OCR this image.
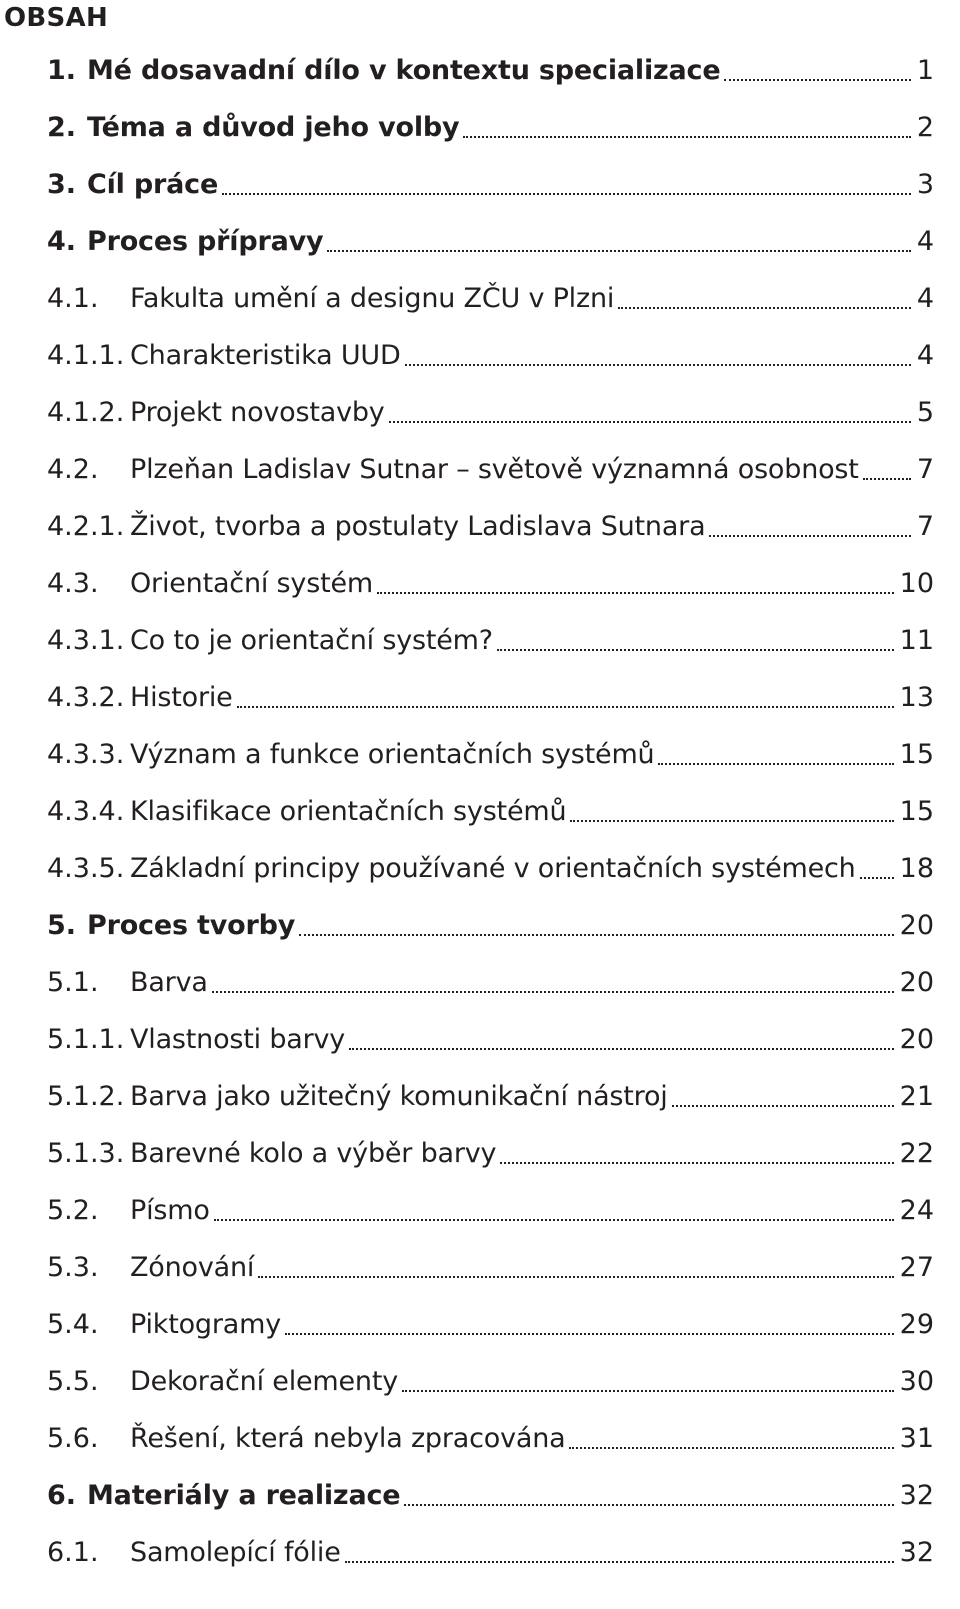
OBSAH
1. Mé dosavadní dílo v kontextu specializace	1
2. Téma a důvod jeho volby	2
3. Cíl práce	3
4. Proces přípravy	4
4.1. Fakulta umění a designu ZČU v Plzni	4
4.1.1. Charakteristika UUD	4
4.1.2. Projekt novostavby	5
4.2. Plzeňan Ladislav Sutnar – světově významná osobnost 7
4.2.1. Život, tvorba a postulaty Ladislava Sutnara	7
4.3. Orientační systém	10
4.3.1. Co to je orientační systém?	11
4.3.2. Historie	13
4.3.3. Význam a funkce orientačních systémů	15
4.3.4. Klasifikace orientačních systémů	15
4.3.5. Základní principy používané v orientačních systémech 18
5. Proces tvorby	20
5.1. Barva	20
5.1.1. Vlastnosti barvy	20
5.1.2. Barva jako užitečný komunikační nástroj	21
5.1.3. Barevné kolo a výběr barvy	22
5.2. Písmo	24
5.3. Zónování	27
5.4. Piktogramy	29
5.5. Dekorační elementy	30
5.6. Řešení, která nebyla zpracována	31
6. Materiály a realizace	32
6.1. Samolepící fólie	32
